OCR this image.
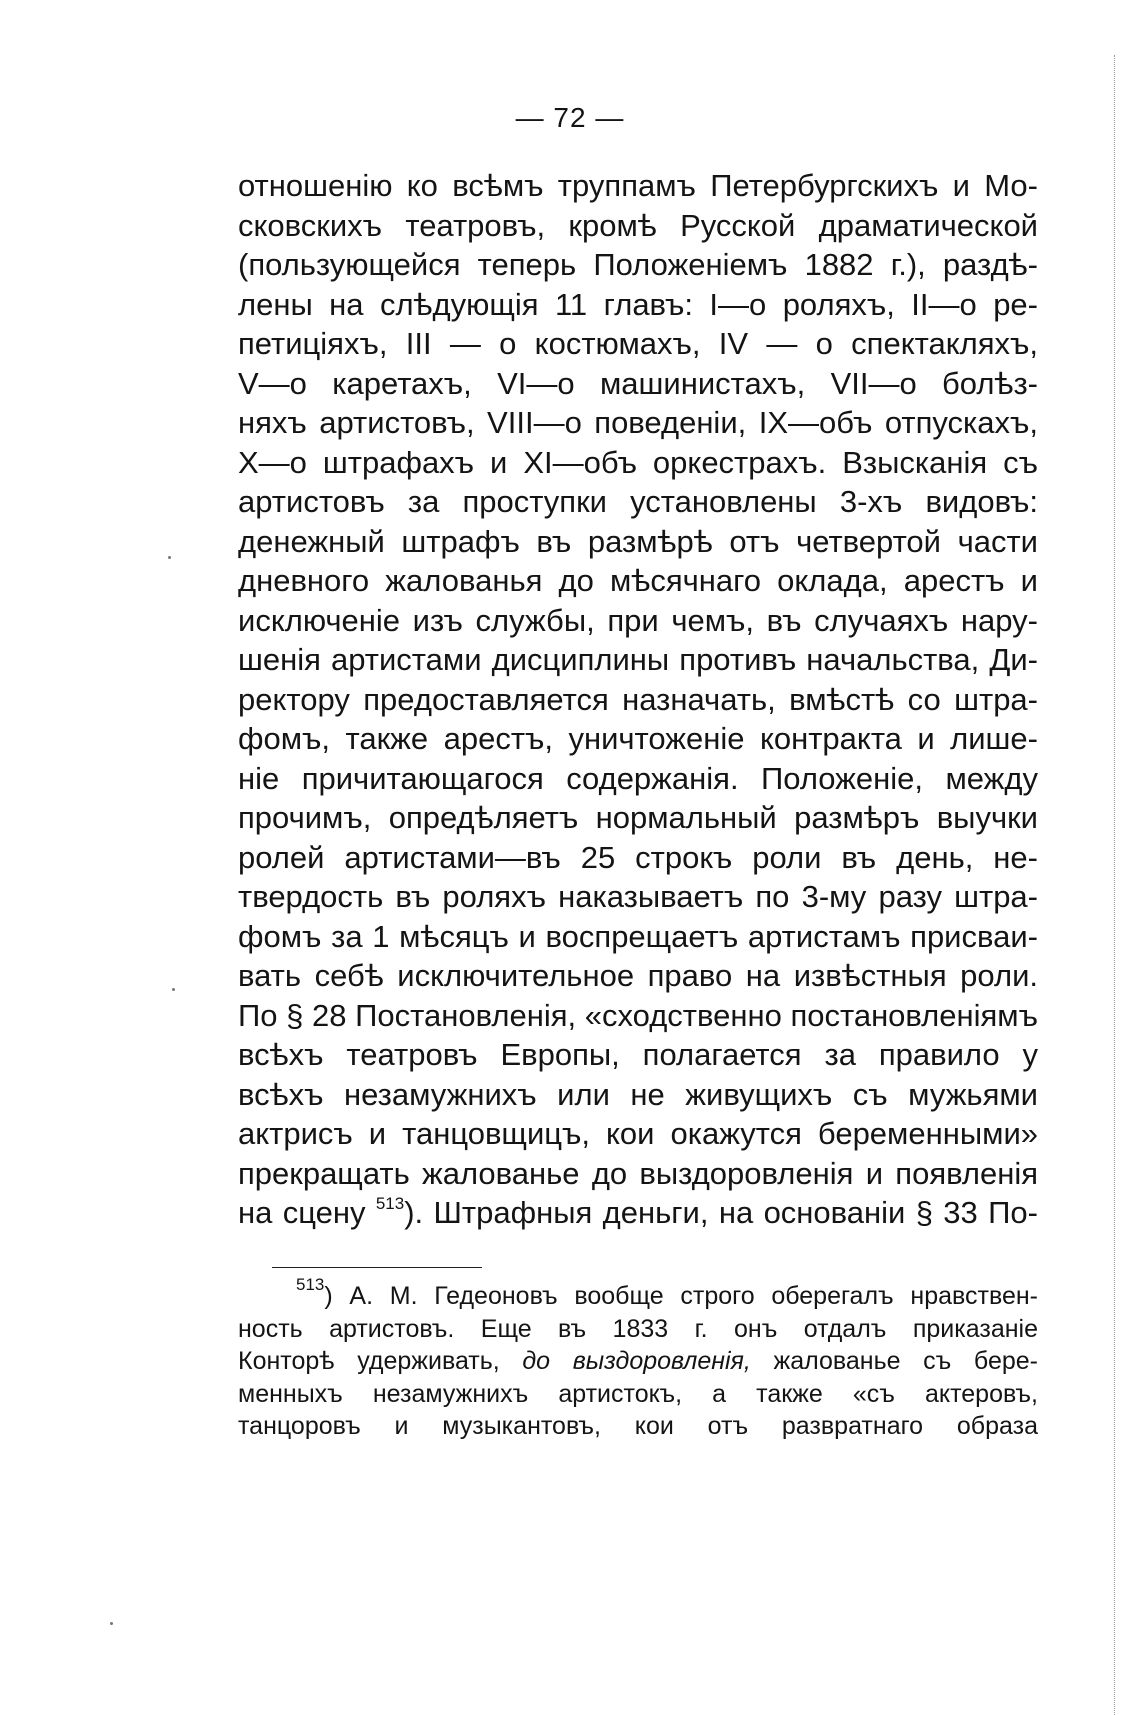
— 72 —
отношенію ко всѣмъ труппамъ Петербургскихъ и Мо-
сковскихъ театровъ, кромѣ Русской драматической
(пользующейся теперь Положеніемъ 1882 г.), раздѣ-
лены на слѣдующія 11 главъ: I—о роляхъ, II—о ре-
петиціяхъ, III — о костюмахъ, IV — о спектакляхъ,
V—о каретахъ, VI—о машинистахъ, VII—о болѣз-
няхъ артистовъ, VIII—о поведеніи, IX—объ отпускахъ,
X—о штрафахъ и XI—объ оркестрахъ. Взысканія съ
артистовъ за проступки установлены 3-хъ видовъ:
денежный штрафъ въ размѣрѣ отъ четвертой части
дневного жалованья до мѣсячнаго оклада, арестъ и
исключеніе изъ службы, при чемъ, въ случаяхъ нару-
шенія артистами дисциплины противъ начальства, Ди-
ректору предоставляется назначать, вмѣстѣ со штра-
фомъ, также арестъ, уничтоженіе контракта и лише-
ніе причитающагося содержанія. Положеніе, между
прочимъ, опредѣляетъ нормальный размѣръ выучки
ролей артистами—въ 25 строкъ роли въ день, не-
твердость въ роляхъ наказываетъ по 3-му разу штра-
фомъ за 1 мѣсяцъ и воспрещаетъ артистамъ присваи-
вать себѣ исключительное право на извѣстныя роли.
По § 28 Постановленія, «сходственно постановленіямъ
всѣхъ театровъ Европы, полагается за правило у
всѣхъ незамужнихъ или не живущихъ съ мужьями
актрисъ и танцовщицъ, кои окажутся беременными»
прекращать жалованье до выздоровленія и появленія
на сцену $^{513}$). Штрафныя деньги, на основаніи § 33 По-
$^{513}$) А. М. Гедеоновъ вообще строго оберегалъ нравствен-
ность артистовъ. Еще въ 1833 г. онъ отдалъ приказаніе
Конторѣ удерживать, до выздоровленія, жалованье съ бере-
менныхъ незамужнихъ артистокъ, а также «съ актеровъ,
танцоровъ и музыкантовъ, кои отъ развратнаго образа
